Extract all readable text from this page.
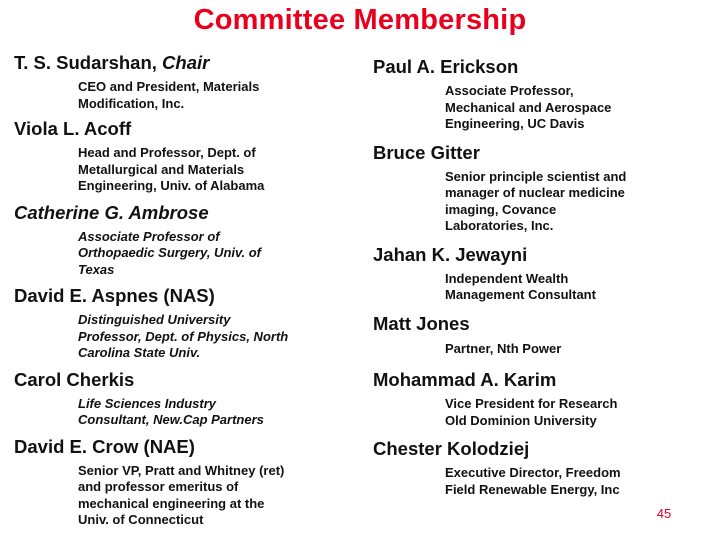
Committee Membership
T. S. Sudarshan, Chair
CEO and President, Materials
Modification, Inc.
Viola L. Acoff
Head and Professor, Dept. of
Metallurgical and Materials
Engineering, Univ. of Alabama
Catherine G. Ambrose
Associate Professor of
Orthopaedic Surgery, Univ. of
Texas
David E. Aspnes (NAS)
Distinguished University
Professor, Dept. of Physics, North
Carolina State Univ.
Carol Cherkis
Life Sciences Industry
Consultant, New.Cap Partners
David E. Crow (NAE)
Senior VP, Pratt and Whitney (ret)
and professor emeritus of
mechanical engineering at the
Univ. of Connecticut
Paul A. Erickson
Associate Professor,
Mechanical and Aerospace
Engineering, UC Davis
Bruce Gitter
Senior principle scientist and
manager of nuclear medicine
imaging, Covance
Laboratories, Inc.
Jahan K. Jewayni
Independent Wealth
Management Consultant
Matt Jones
Partner, Nth Power
Mohammad A. Karim
Vice President for Research
Old Dominion University
Chester Kolodziej
Executive Director, Freedom
Field Renewable Energy, Inc
45
